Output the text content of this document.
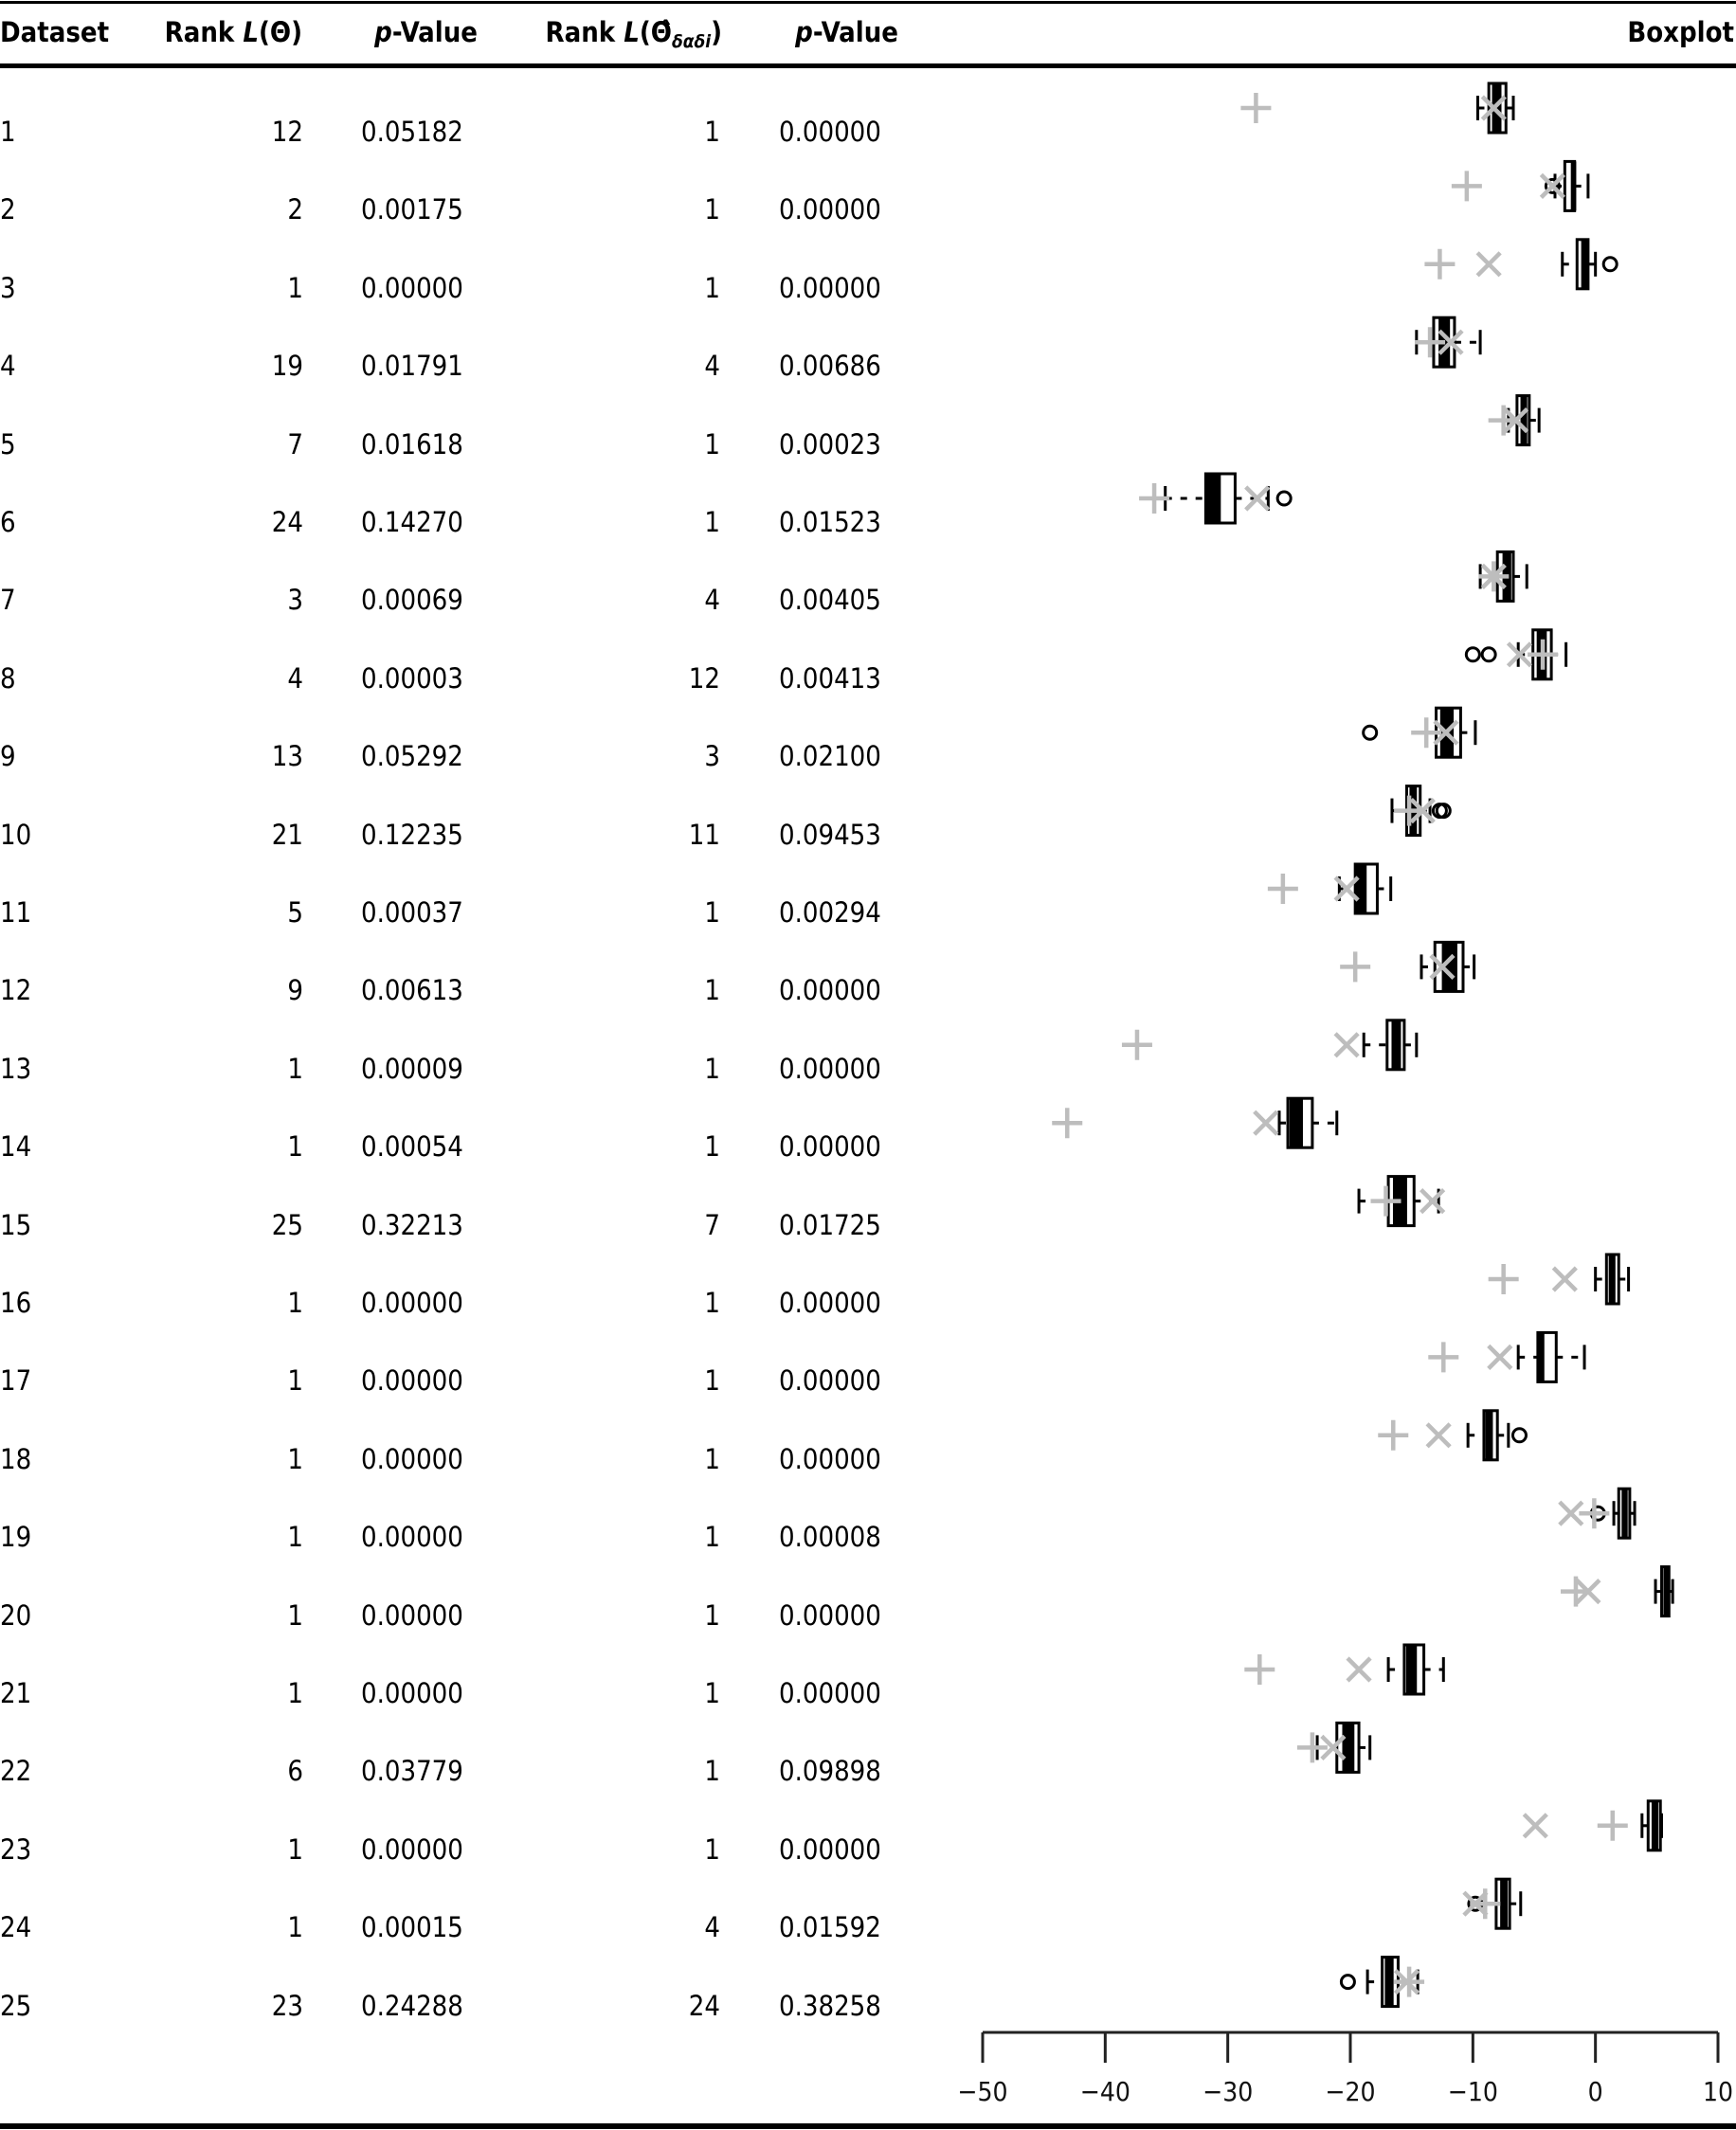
Dataset Rank L(Θ)	p-Value Rank $L(\Thetâ_{\delta\alpha\delta i})$	p-Value	Boxplot
1	12 0.05182	1 0.00000
2	2 0.00175	1 0.00000
3	1 0.00000	1 0.00000
4	19 0.01791	4 0.00686
5	7 0.01618	1 0.00023
6	24 0.14270	1 0.01523
7	3 0.00069	4 0.00405
8	4 0.00003	12 0.00413
9	13 0.05292	3 0.02100
10	21 0.12235	11 0.09453
11	5 0.00037	1 0.00294
12	9 0.00613	1 0.00000
13	1 0.00009	1 0.00000
14	1 0.00054	1 0.00000
15	25 0.32213	7 0.01725
16	1 0.00000	1 0.00000
17	1 0.00000	1 0.00000
18	1 0.00000	1 0.00000
19	1 0.00000	1 0.00008
20	1 0.00000	1 0.00000
21	1 0.00000	1 0.00000
22	6 0.03779	1 0.09898
23	1 0.00000	1 0.00000
24	1 0.00015	4 0.01592
25	23 0.24288	24 0.38258
−50	−40	−30	−20	−10	0	10
